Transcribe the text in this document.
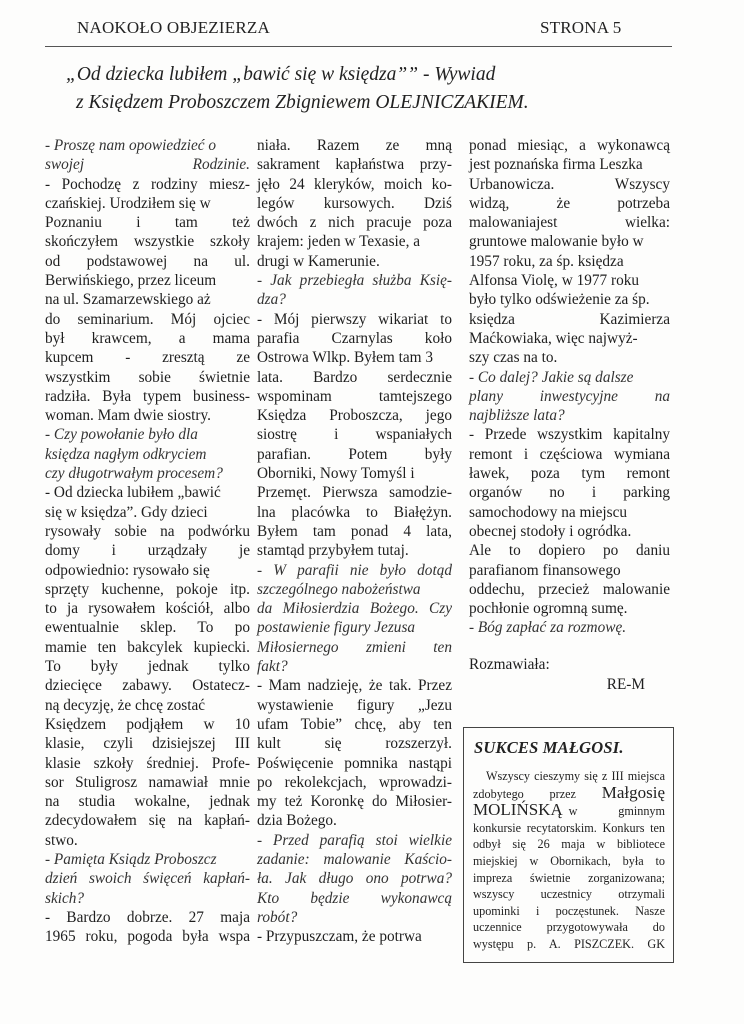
NAOKOŁO OBJEZIERZA	STRONA 5
„Od dziecka lubiłem „bawić się w księdza”” - Wywiad
z Księdzem Proboszczem Zbigniewem OLEJNICZAKIEM.
- Proszę nam opowiedzieć o
swojej Rodzinie.
- Pochodzę z rodziny miesz-
czańskiej. Urodziłem się w
Poznaniu i tam też
skończyłem wszystkie szkoły
od podstawowej na ul.
Berwińskiego, przez liceum
na ul. Szamarzewskiego aż
do seminarium. Mój ojciec
był krawcem, a mama
kupcem - zresztą ze
wszystkim sobie świetnie
radziła. Była typem business-
woman. Mam dwie siostry.
- Czy powołanie było dla
księdza nagłym odkryciem
czy długotrwałym procesem?
- Od dziecka lubiłem „bawić
się w księdza”. Gdy dzieci
rysowały sobie na podwórku
domy i urządzały je
odpowiednio: rysowało się
sprzęty kuchenne, pokoje itp.
to ja rysowałem kościół, albo
ewentualnie sklep. To po
mamie ten bakcylek kupiecki.
To były jednak tylko
dziecięce zabawy. Ostatecz-
ną decyzję, że chcę zostać
Księdzem podjąłem w 10
klasie, czyli dzisiejszej III
klasie szkoły średniej. Profe-
sor Stuligrosz namawiał mnie
na studia wokalne, jednak
zdecydowałem się na kapłań-
stwo.
- Pamięta Ksiądz Proboszcz
dzień swoich święceń kapłań-
skich?
- Bardzo dobrze. 27 maja
1965 roku, pogoda była wspa
niała. Razem ze mną
sakrament kapłaństwa przy-
jęło 24 kleryków, moich ko-
legów kursowych. Dziś
dwóch z nich pracuje poza
krajem: jeden w Texasie, a
drugi w Kamerunie.
- Jak przebiegła służba Księ-
dza?
- Mój pierwszy wikariat to
parafia Czarnylas koło
Ostrowa Wlkp. Byłem tam 3
lata. Bardzo serdecznie
wspominam tamtejszego
Księdza Proboszcza, jego
siostrę i wspaniałych
parafian. Potem były
Oborniki, Nowy Tomyśl i
Przemęt. Pierwsza samodzie-
lna placówka to Białężyn.
Byłem tam ponad 4 lata,
stamtąd przybyłem tutaj.
- W parafii nie było dotąd
szczególnego nabożeństwa
da Miłosierdzia Bożego. Czy
postawienie figury Jezusa
Miłosiernego zmieni ten
fakt?
- Mam nadzieję, że tak. Przez
wystawienie figury „Jezu
ufam Tobie” chcę, aby ten
kult się rozszerzył.
Poświęcenie pomnika nastąpi
po rekolekcjach, wprowadzi-
my też Koronkę do Miłosier-
dzia Bożego.
- Przed parafią stoi wielkie
zadanie: malowanie Kaścio-
ła. Jak długo ono potrwa?
Kto będzie wykonawcą
robót?
- Przypuszczam, że potrwa
ponad miesiąc, a wykonawcą
jest poznańska firma Leszka
Urbanowicza. Wszyscy
widzą, że potrzeba
malowaniajest wielka:
gruntowe malowanie było w
1957 roku, za śp. księdza
Alfonsa Violę, w 1977 roku
było tylko odświeżenie za śp.
księdza Kazimierza
Maćkowiaka, więc najwyż-
szy czas na to.
- Co dalej? Jakie są dalsze
plany inwestycyjne na
najbliższe lata?
- Przede wszystkim kapitalny
remont i częściowa wymiana
ławek, poza tym remont
organów no i parking
samochodowy na miejscu
obecnej stodoły i ogródka.
Ale to dopiero po daniu
parafianom finansowego
oddechu, przecież malowanie
pochłonie ogromną sumę.
- Bóg zapłać za rozmowę.
Rozmawiała:
RE-M
SUKCES MAŁGOSI.
Wszyscy cieszymy się z III miejsca
zdobytego przez Małgosię
MOLIŃSKĄ w       gminnym
konkursie recytatorskim. Konkurs ten
odbył się 26 maja w bibliotece
miejskiej w Obornikach, była to
impreza świetnie zorganizowana;
wszyscy uczestnicy otrzymali
upominki i poczęstunek. Nasze
uczennice przygotowywała do
występu p. A. PISZCZEK. GK
